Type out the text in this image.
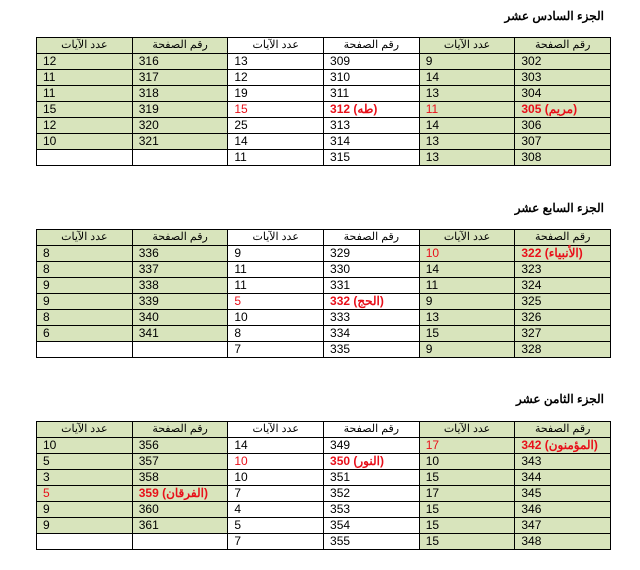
الجزء السادس عشر
رقم الصفحة	عدد الآيات	رقم الصفحة	عدد الآيات	رقم الصفحة	عدد الآيات
302	9	309	13	316	12
303	14	310	12	317	11
304	13	311	19	318	11
305 (مريم)	11	312 (طه)	15	319	15
306	14	313	25	320	12
307	13	314	14	321	10
308	13	315	11		
الجزء السابع عشر
رقم الصفحة	عدد الآيات	رقم الصفحة	عدد الآيات	رقم الصفحة	عدد الآيات
322 (الأنبياء)	10	329	9	336	8
323	14	330	11	337	8
324	11	331	11	338	9
325	9	332 (الحج)	5	339	9
326	13	333	10	340	8
327	15	334	8	341	6
328	9	335	7		
الجزء الثامن عشر
رقم الصفحة	عدد الآيات	رقم الصفحة	عدد الآيات	رقم الصفحة	عدد الآيات
342 (المؤمنون)	17	349	14	356	10
343	10	350 (النور)	10	357	5
344	15	351	10	358	3
345	17	352	7	359 (الفرقان)	5
346	15	353	4	360	9
347	15	354	5	361	9
348	15	355	7		
